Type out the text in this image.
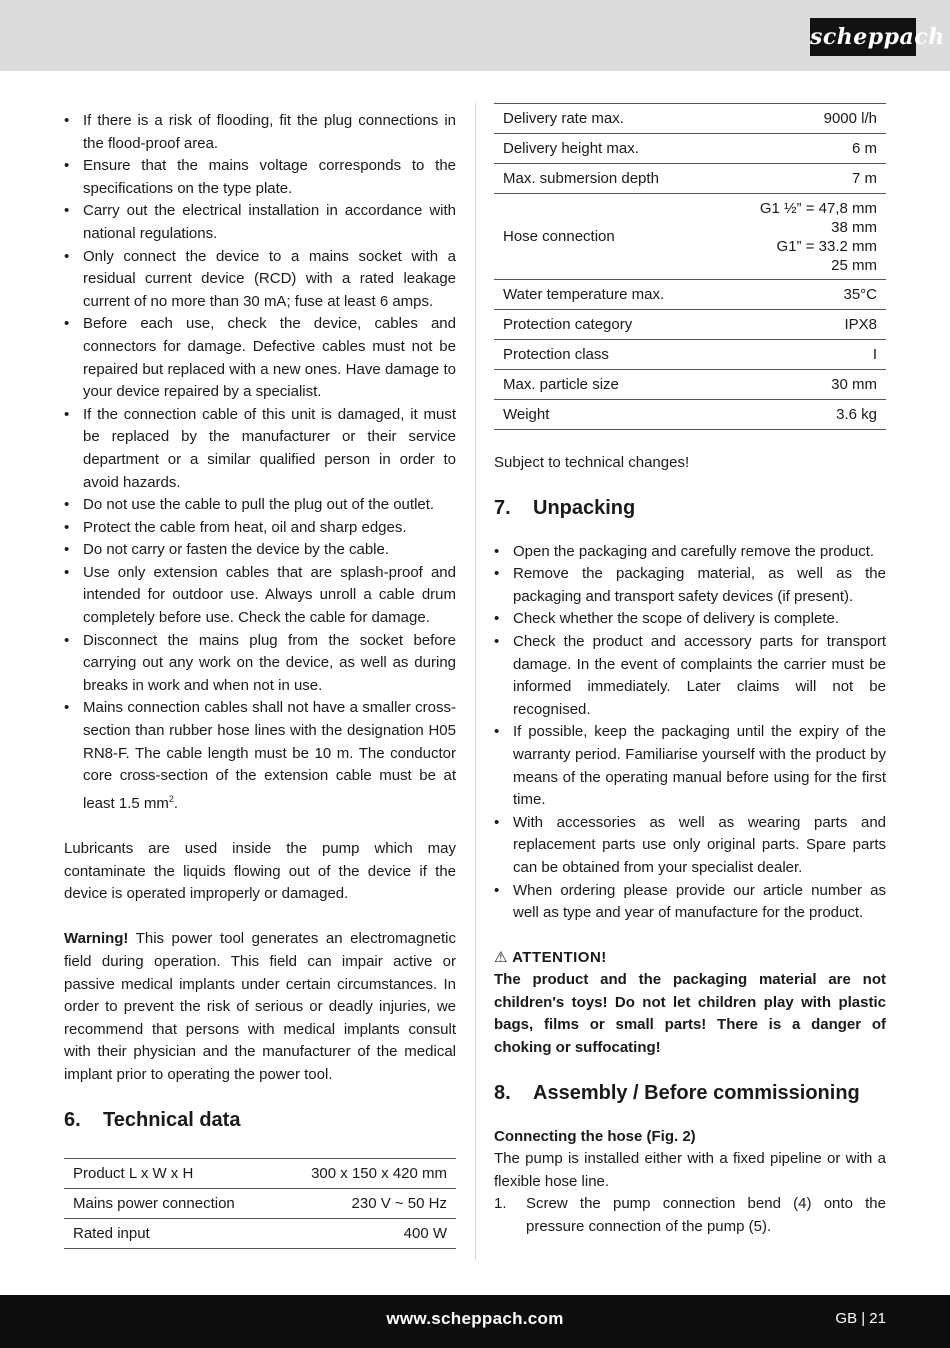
scheppach
• If there is a risk of flooding, fit the plug connections in the flood-proof area.
• Ensure that the mains voltage corresponds to the specifications on the type plate.
• Carry out the electrical installation in accordance with national regulations.
• Only connect the device to a mains socket with a residual current device (RCD) with a rated leakage current of no more than 30 mA; fuse at least 6 amps.
• Before each use, check the device, cables and connectors for damage. Defective cables must not be repaired but replaced with a new ones. Have damage to your device repaired by a specialist.
• If the connection cable of this unit is damaged, it must be replaced by the manufacturer or their service department or a similar qualified person in order to avoid hazards.
• Do not use the cable to pull the plug out of the outlet.
• Protect the cable from heat, oil and sharp edges.
• Do not carry or fasten the device by the cable.
• Use only extension cables that are splash-proof and intended for outdoor use. Always unroll a cable drum completely before use. Check the cable for damage.
• Disconnect the mains plug from the socket before carrying out any work on the device, as well as during breaks in work and when not in use.
• Mains connection cables shall not have a smaller cross-section than rubber hose lines with the designation H05 RN8-F. The cable length must be 10 m. The conductor core cross-section of the extension cable must be at least 1.5 $mm^2$.

Lubricants are used inside the pump which may contaminate the liquids flowing out of the device if the device is operated improperly or damaged.

Warning! This power tool generates an electromagnetic field during operation. This field can impair active or passive medical implants under certain circumstances. In order to prevent the risk of serious or deadly injuries, we recommend that persons with medical implants consult with their physician and the manufacturer of the medical implant prior to operating the power tool.

6. Technical data
Product L x W x H	300 x 150 x 420 mm
Mains power connection	230 V ~ 50 Hz
Rated input	400 W
Delivery rate max.	9000 l/h
Delivery height max.	6 m
Max. submersion depth	7 m
Hose connection	G1 ½” = 47,8 mm
38 mm
G1” = 33.2 mm
25 mm

Water temperature max.	35°C
Protection category	IPX8
Protection class	I
Max. particle size	30 mm
Weight	3.6 kg

Subject to technical changes!

7. Unpacking
• Open the packaging and carefully remove the product.
• Remove the packaging material, as well as the packaging and transport safety devices (if present).
• Check whether the scope of delivery is complete.
• Check the product and accessory parts for transport damage. In the event of complaints the carrier must be informed immediately. Later claims will not be recognised.
• If possible, keep the packaging until the expiry of the warranty period. Familiarise yourself with the product by means of the operating manual before using for the first time.
• With accessories as well as wearing parts and replacement parts use only original parts. Spare parts can be obtained from your specialist dealer.
• When ordering please provide our article number as well as type and year of manufacture for the product.
⚠ ATTENTION!

The product and the packaging material are not children's toys! Do not let children play with plastic bags, films or small parts! There is a danger of choking or suffocating!

8. Assembly / Before commissioning
Connecting the hose (Fig. 2)

The pump is installed either with a fixed pipeline or with a flexible hose line.

1. Screw the pump connection bend (4) onto the pressure connection of the pump (5).
www.scheppach.com	GB | 21
